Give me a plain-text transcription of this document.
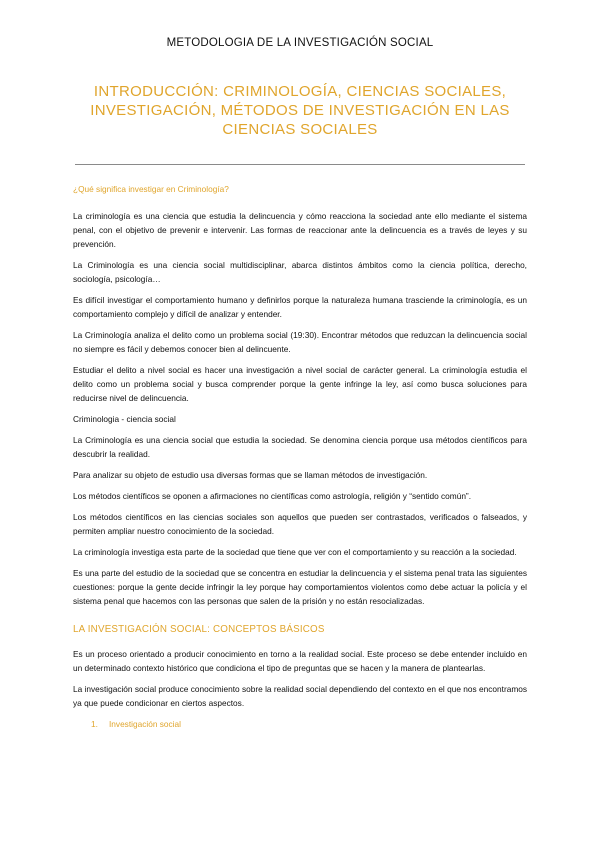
METODOLOGIA DE LA INVESTIGACIÓN SOCIAL
INTRODUCCIÓN: CRIMINOLOGÍA, CIENCIAS SOCIALES, INVESTIGACIÓN, MÉTODOS DE INVESTIGACIÓN EN LAS CIENCIAS SOCIALES

¿Qué significa investigar en Criminología?

La criminología es una ciencia que estudia la delincuencia y cómo reacciona la sociedad ante ello mediante el sistema penal, con el objetivo de prevenir e intervenir. Las formas de reaccionar ante la delincuencia es a través de leyes y su prevención.

La Criminología es una ciencia social multidisciplinar, abarca distintos ámbitos como la ciencia política, derecho, sociología, psicología…

Es difícil investigar el comportamiento humano y definirlos porque la naturaleza humana trasciende la criminología, es un comportamiento complejo y difícil de analizar y entender.

La Criminología analiza el delito como un problema social (19:30). Encontrar métodos que reduzcan la delincuencia social no siempre es fácil y debemos conocer bien al delincuente.

Estudiar el delito a nivel social es hacer una investigación a nivel social de carácter general. La criminología estudia el delito como un problema social y busca comprender porque la gente infringe la ley, así como busca soluciones para reducirse nivel de delincuencia.

Criminologia - ciencia social

La Criminología es una ciencia social que estudia la sociedad. Se denomina ciencia porque usa métodos científicos para descubrir la realidad.

Para analizar su objeto de estudio usa diversas formas que se llaman métodos de investigación.

Los métodos científicos se oponen a afirmaciones no científicas como astrología, religión y “sentido común”.

Los métodos científicos en las ciencias sociales son aquellos que pueden ser contrastados, verificados o falseados, y permiten ampliar nuestro conocimiento de la sociedad.

La criminología investiga esta parte de la sociedad que tiene que ver con el comportamiento y su reacción a la sociedad.

Es una parte del estudio de la sociedad que se concentra en estudiar la delincuencia y el sistema penal trata las siguientes cuestiones: porque la gente decide infringir la ley porque hay comportamientos violentos como debe actuar la policía y el sistema penal que hacemos con las personas que salen de la prisión y no están resocializadas.

LA INVESTIGACIÓN SOCIAL: CONCEPTOS BÁSICOS

Es un proceso orientado a producir conocimiento en torno a la realidad social. Este proceso se debe entender incluido en un determinado contexto histórico que condiciona el tipo de preguntas que se hacen y la manera de plantearlas.

La investigación social produce conocimiento sobre la realidad social dependiendo del contexto en el que nos encontramos ya que puede condicionar en ciertos aspectos.

1. Investigación social
